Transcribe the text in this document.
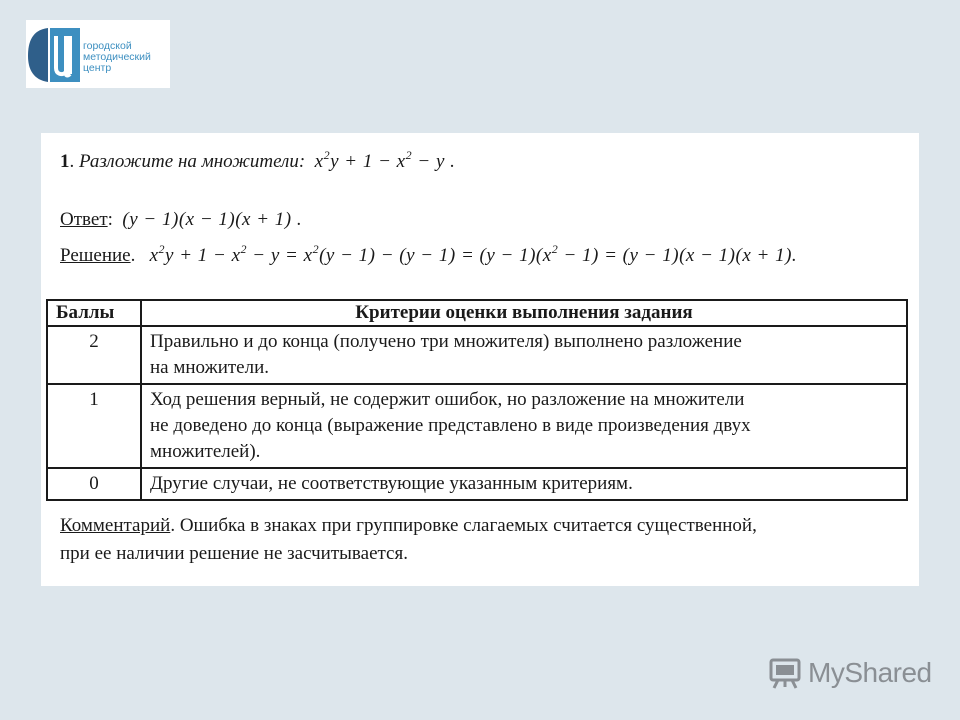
городской
методический
центр
1. Разложите на множители: $x^2y + 1 - x^2 - y$ .
Ответ:  (y − 1)(x − 1)(x + 1) .
Решение.   $x^2y + 1 - x^2 - y = x^2(y - 1) - (y - 1) = (y - 1)(x^2 - 1) = (y - 1)(x - 1)(x + 1)$.
Баллы	Критерии оценки выполнения задания
2	Правильно и до конца (получено три множителя) выполнено разложение
на множители.

1	Ход решения верный, не содержит ошибок, но разложение на множители
не доведено до конца (выражение представлено в виде произведения двух
множителей).

0	Другие случаи, не соответствующие указанным критериям.
Комментарий. Ошибка в знаках при группировке слагаемых считается существенной,
при ее наличии решение не засчитывается.
MyShared
